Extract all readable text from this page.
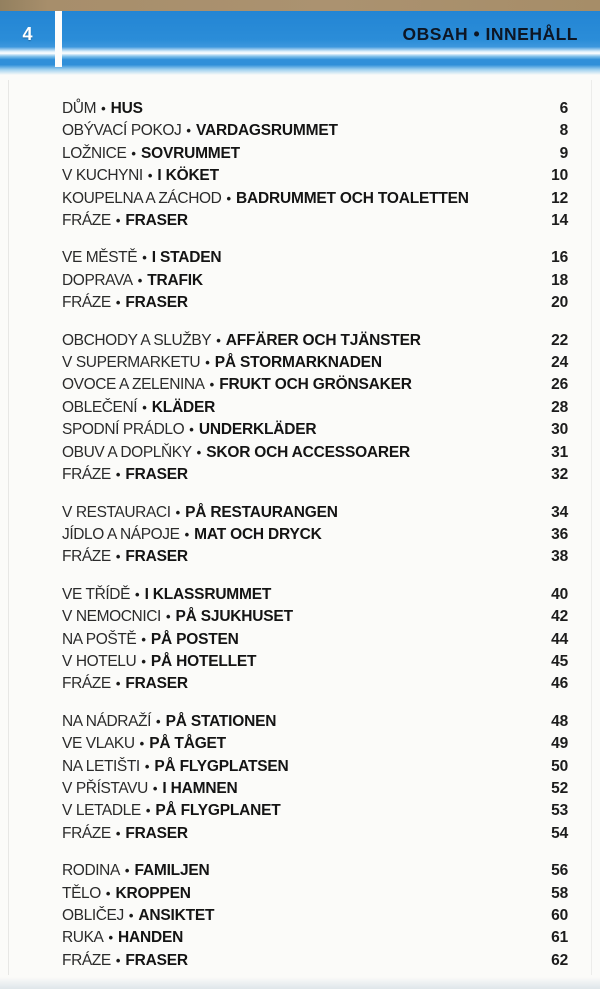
4	OBSAH • INNEHÅLL
DŮM • HUS	6
OBÝVACÍ POKOJ • VARDAGSRUMMET	8
LOŽNICE • SOVRUMMET	9
V KUCHYNI • I KÖKET	10
KOUPELNA A ZÁCHOD • BADRUMMET OCH TOALETTEN	12
FRÁZE • FRASER	14
VE MĚSTĚ • I STADEN	16
DOPRAVA • TRAFIK	18
FRÁZE • FRASER	20
OBCHODY A SLUŽBY • AFFÄRER OCH TJÄNSTER	22
V SUPERMARKETU • PÅ STORMARKNADEN	24
OVOCE A ZELENINA • FRUKT OCH GRÖNSAKER	26
OBLEČENÍ • KLÄDER	28
SPODNÍ PRÁDLO • UNDERKLÄDER	30
OBUV A DOPLŇKY • SKOR OCH ACCESSOARER	31
FRÁZE • FRASER	32
V RESTAURACI • PÅ RESTAURANGEN	34
JÍDLO A NÁPOJE • MAT OCH DRYCK	36
FRÁZE • FRASER	38
VE TŘÍDĚ • I KLASSRUMMET	40
V NEMOCNICI • PÅ SJUKHUSET	42
NA POŠTĚ • PÅ POSTEN	44
V HOTELU • PÅ HOTELLET	45
FRÁZE • FRASER	46
NA NÁDRAŽÍ • PÅ STATIONEN	48
VE VLAKU • PÅ TÅGET	49
NA LETIŠTI • PÅ FLYGPLATSEN	50
V PŘÍSTAVU • I HAMNEN	52
V LETADLE • PÅ FLYGPLANET	53
FRÁZE • FRASER	54
RODINA • FAMILJEN	56
TĚLO • KROPPEN	58
OBLIČEJ • ANSIKTET	60
RUKA • HANDEN	61
FRÁZE • FRASER	62
